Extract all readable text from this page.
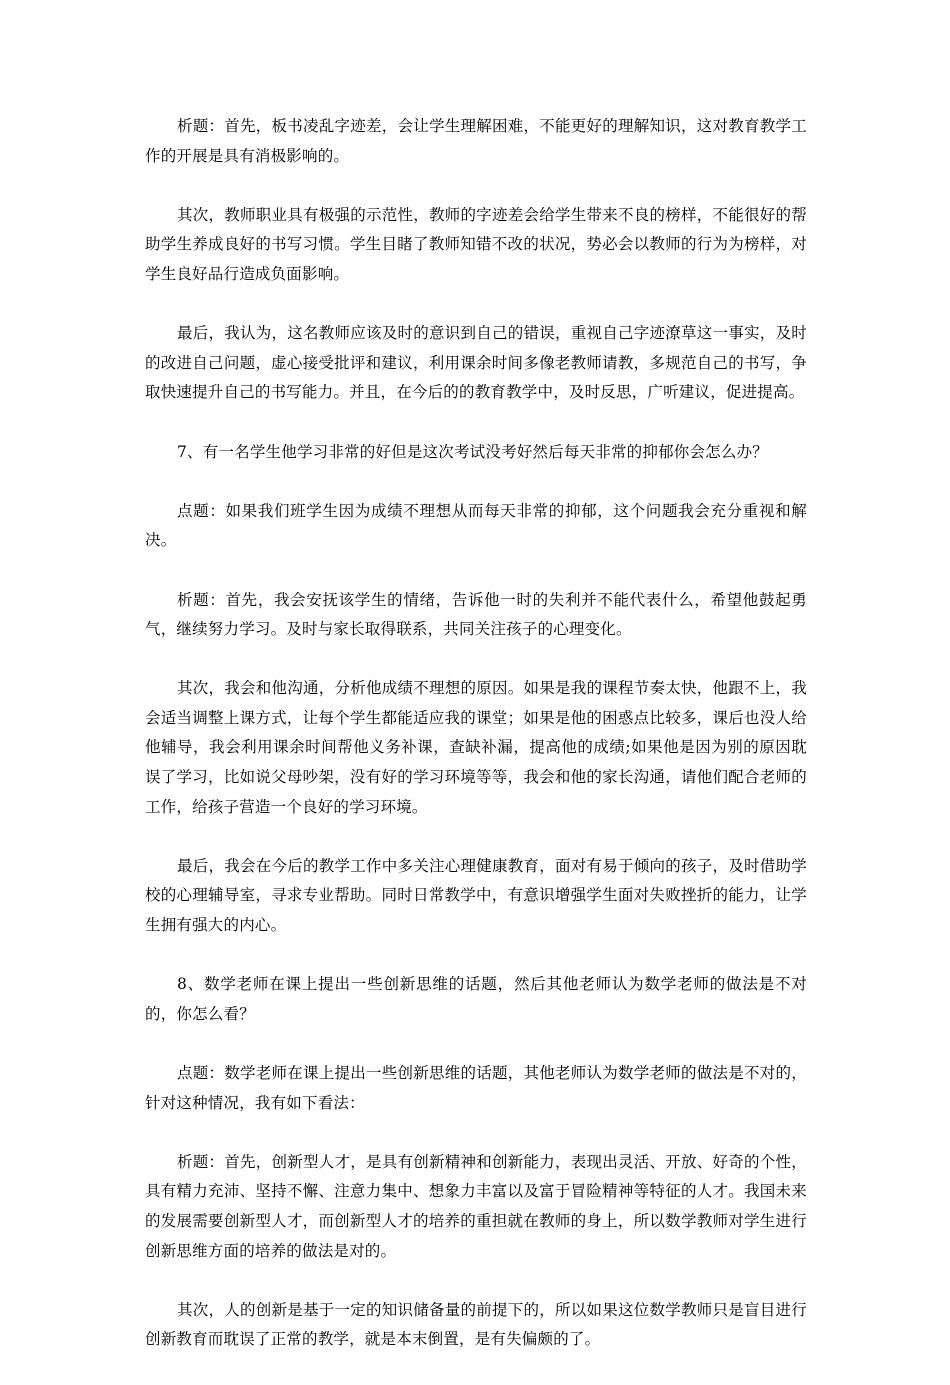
析题：首先，板书凌乱字迹差，会让学生理解困难，不能更好的理解知识，这对教育教学工作的开展是具有消极影响的。

其次，教师职业具有极强的示范性，教师的字迹差会给学生带来不良的榜样，不能很好的帮助学生养成良好的书写习惯。学生目睹了教师知错不改的状况，势必会以教师的行为为榜样，对学生良好品行造成负面影响。

最后，我认为，这名教师应该及时的意识到自己的错误，重视自己字迹潦草这一事实，及时的改进自己问题，虚心接受批评和建议，利用课余时间多像老教师请教，多规范自己的书写，争取快速提升自己的书写能力。并且，在今后的的教育教学中，及时反思，广听建议，促进提高。

7、有一名学生他学习非常的好但是这次考试没考好然后每天非常的抑郁你会怎么办？

点题：如果我们班学生因为成绩不理想从而每天非常的抑郁，这个问题我会充分重视和解决。

析题：首先，我会安抚该学生的情绪，告诉他一时的失利并不能代表什么，希望他鼓起勇气，继续努力学习。及时与家长取得联系，共同关注孩子的心理变化。

其次，我会和他沟通，分析他成绩不理想的原因。如果是我的课程节奏太快，他跟不上，我会适当调整上课方式，让每个学生都能适应我的课堂；如果是他的困惑点比较多，课后也没人给他辅导，我会利用课余时间帮他义务补课，查缺补漏，提高他的成绩;如果他是因为别的原因耽误了学习，比如说父母吵架，没有好的学习环境等等，我会和他的家长沟通，请他们配合老师的工作，给孩子营造一个良好的学习环境。

最后，我会在今后的教学工作中多关注心理健康教育，面对有易于倾向的孩子，及时借助学校的心理辅导室，寻求专业帮助。同时日常教学中，有意识增强学生面对失败挫折的能力，让学生拥有强大的内心。

8、数学老师在课上提出一些创新思维的话题，然后其他老师认为数学老师的做法是不对的，你怎么看？

点题：数学老师在课上提出一些创新思维的话题，其他老师认为数学老师的做法是不对的，针对这种情况，我有如下看法：

析题：首先，创新型人才，是具有创新精神和创新能力，表现出灵活、开放、好奇的个性，具有精力充沛、坚持不懈、注意力集中、想象力丰富以及富于冒险精神等特征的人才。我国未来的发展需要创新型人才，而创新型人才的培养的重担就在教师的身上，所以数学教师对学生进行创新思维方面的培养的做法是对的。

其次，人的创新是基于一定的知识储备量的前提下的，所以如果这位数学教师只是盲目进行创新教育而耽误了正常的教学，就是本末倒置，是有失偏颇的了。
